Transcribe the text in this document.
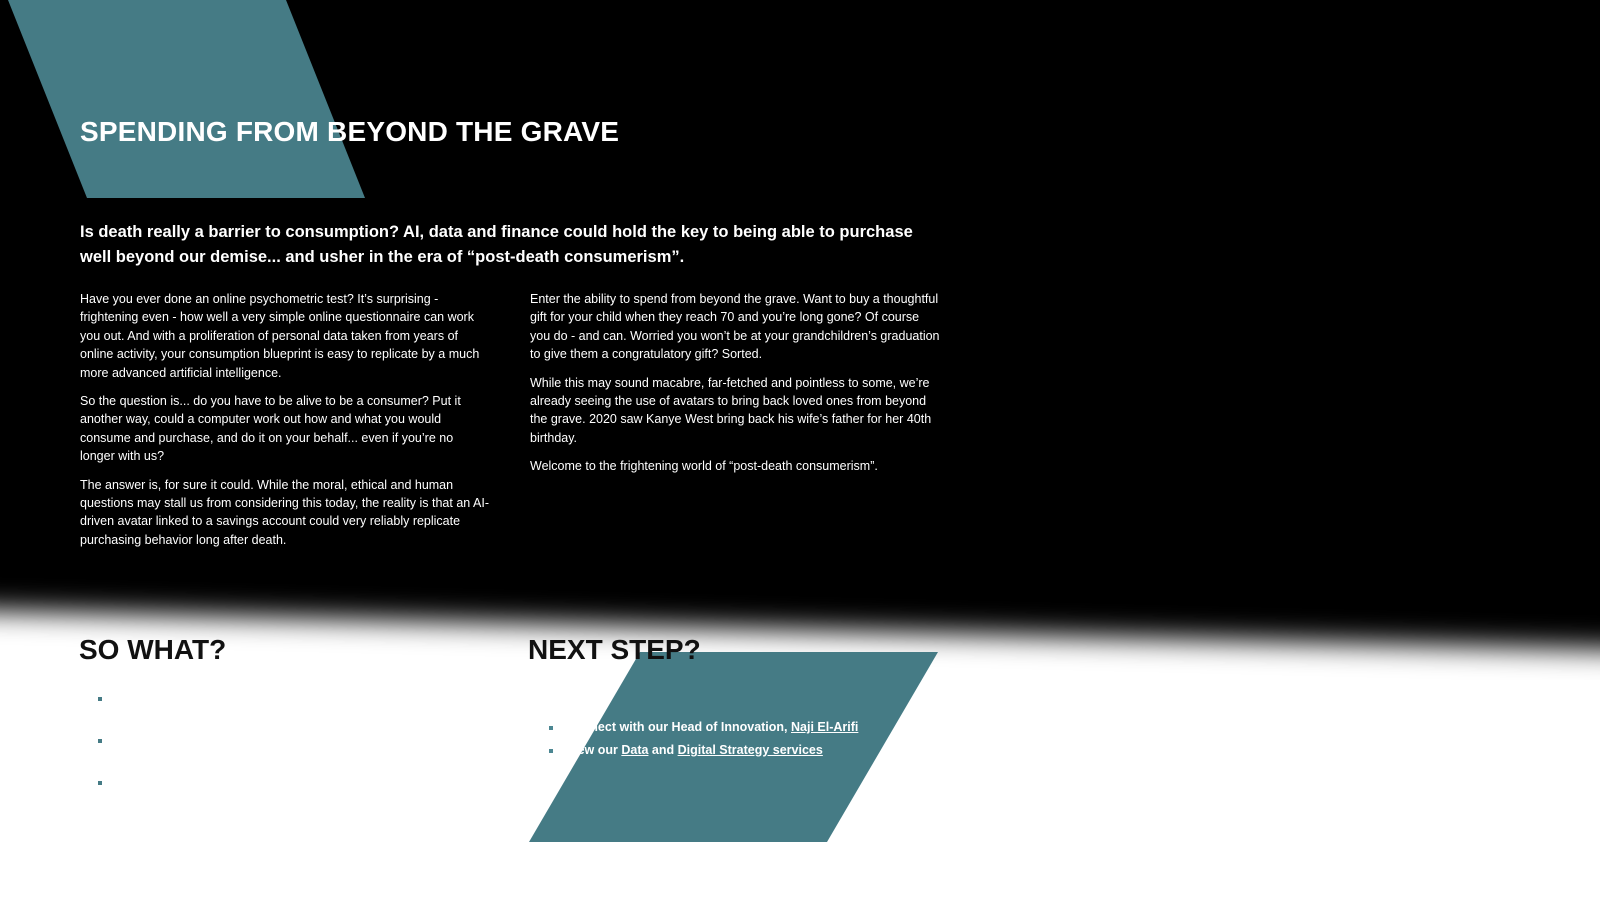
SPENDING FROM BEYOND THE GRAVE

Is death really a barrier to consumption? AI, data and finance could hold the key to being able to purchase well beyond our demise... and usher in the era of “post-death consumerism”.

Have you ever done an online psychometric test? It’s surprising - frightening even - how well a very simple online questionnaire can work you out. And with a proliferation of personal data taken from years of online activity, your consumption blueprint is easy to replicate by a much more advanced artificial intelligence.

So the question is... do you have to be alive to be a consumer? Put it another way, could a computer work out how and what you would consume and purchase, and do it on your behalf... even if you’re no longer with us?

The answer is, for sure it could. While the moral, ethical and human questions may stall us from considering this today, the reality is that an AI-driven avatar linked to a savings account could very reliably replicate purchasing behavior long after death.

Enter the ability to spend from beyond the grave. Want to buy a thoughtful gift for your child when they reach 70 and you’re long gone? Of course you do - and can. Worried you won’t be at your grandchildren’s graduation to give them a congratulatory gift? Sorted.

While this may sound macabre, far-fetched and pointless to some, we’re already seeing the use of avatars to bring back loved ones from beyond the grave. 2020 saw Kanye West bring back his wife’s father for her 40th birthday.

Welcome to the frightening world of “post-death consumerism”.

SO WHAT?	NEXT STEP?
Connect with our Head of Innovation, Naji El-Arifi
View our Data and Digital Strategy services
